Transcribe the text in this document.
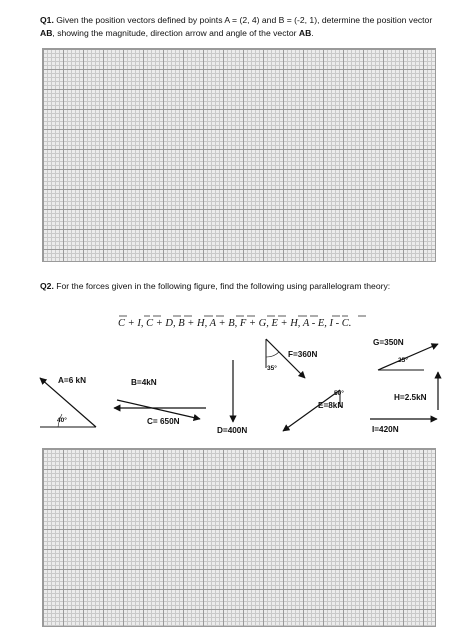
Q1. Given the position vectors defined by points A = (2, 4) and B = (-2, 1), determine the position vector AB, showing the magnitude, direction arrow and angle of the vector AB.
Q2. For the forces given in the following figure, find the following using parallelogram theory:
C + I, C + D, B + H, A + B, F + G, E + H, A - E, I - C.
A=6 kN
40°
B=4kN
C= 650N
D=400N
F=360N
35°
E=8kN
50°
G=350N
25°
H=2.5kN
I=420N
